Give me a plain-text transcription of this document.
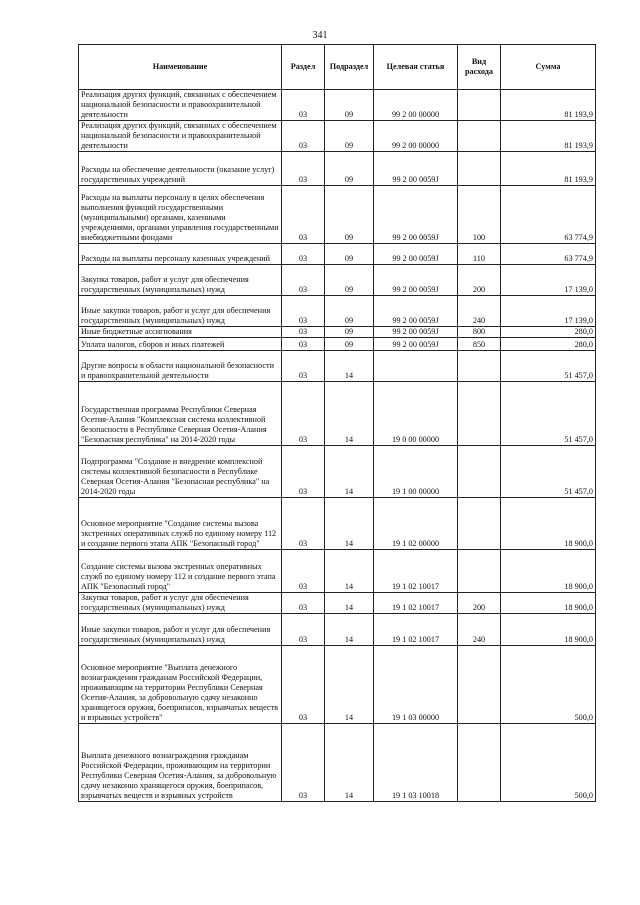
341
Наименование	Раздел	Подраздел	Целевая статья	Вид расхода	Сумма
Реализация других функций, связанных с обеспечением национальной безопасности и правоохранительной деятельности	03	09	99 2 00 00000		81 193,9
Реализация других функций, связанных с обеспечением национальной безопасности и правоохранительной деятельности	03	09	99 2 00 00000		81 193,9
Расходы на обеспечение деятельности (оказание услуг) государственных учреждений	03	09	99 2 00 0059J		81 193,9
Расходы на выплаты персоналу в целях обеспечения выполнения функций государственными (муниципальными) органами, казенными учреждениями, органами управления государственными внебюджетными фондами	03	09	99 2 00 0059J	100	63 774,9
Расходы на выплаты персоналу казенных учреждений	03	09	99 2 00 0059J	110	63 774,9
Закупка товаров, работ и услуг для обеспечения государственных (муниципальных) нужд	03	09	99 2 00 0059J	200	17 139,0
Иные закупки товаров, работ и услуг для обеспечения государственных (муниципальных) нужд	03	09	99 2 00 0059J	240	17 139,0
Иные бюджетные ассигнования	03	09	99 2 00 0059J	800	280,0
Уплата налогов, сборов и иных платежей	03	09	99 2 00 0059J	850	280,0
Другие вопросы в области национальной безопасности и правоохранительной деятельности	03	14			51 457,0
Государственная программа Республики Северная Осетия-Алания "Комплексная система коллективной безопасности в Республике Северная Осетия-Алания "Безопасная республика" на 2014-2020 годы	03	14	19 0 00 00000		51 457,0
Подпрограмма "Создание и внедрение комплексной системы коллективной безопасности в Республике Северная Осетия-Алания "Безопасная республика" на 2014-2020 годы	03	14	19 1 00 00000		51 457,0
Основное мероприятие "Создание системы вызова экстренных оперативных служб по единому номеру 112 и создание первого этапа АПК "Безопасный город"	03	14	19 1 02 00000		18 900,0
Создание системы вызова экстренных оперативных служб по единому номеру 112 и создание первого этапа АПК "Безопасный город"	03	14	19 1 02 10017		18 900,0
Закупка товаров, работ и услуг для обеспечения государственных (муниципальных) нужд	03	14	19 1 02 10017	200	18 900,0
Иные закупки товаров, работ и услуг для обеспечения государственных (муниципальных) нужд	03	14	19 1 02 10017	240	18 900,0
Основное мероприятие "Выплата денежного вознаграждения гражданам Российской Федерации, проживающим на территории Республики Северная Осетия-Алания, за добровольную сдачу незаконно хранящегося оружия, боеприпасов, взрывчатых веществ и взрывных устройств"	03	14	19 1 03 00000		500,0
Выплата денежного вознаграждения гражданам Российской Федерации, проживающим на территории Республики Северная Осетия-Алания, за добровольную сдачу незаконно хранящегося оружия, боеприпасов, взрывчатых веществ и взрывных устройств	03	14	19 1 03 10018		500,0
